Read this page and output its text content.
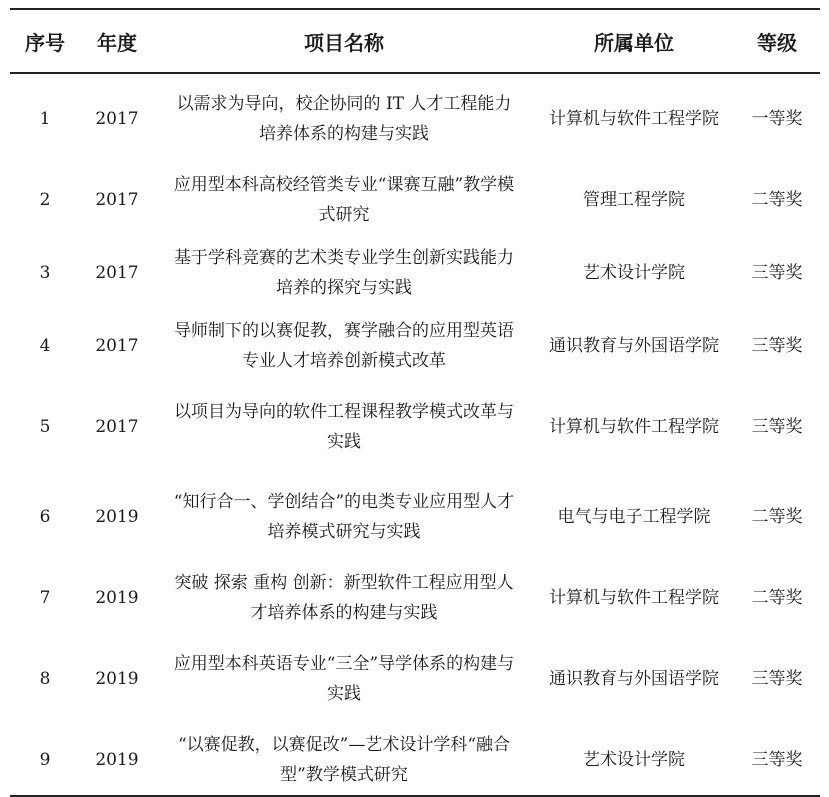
序号	年度	项目名称	所属单位	等级
1	2017	以需求为导向，校企协同的 IT 人才工程能力培养体系的构建与实践	计算机与软件工程学院	一等奖
2	2017	应用型本科高校经管类专业“课赛互融”教学模式研究	管理工程学院	二等奖
3	2017	基于学科竞赛的艺术类专业学生创新实践能力培养的探究与实践	艺术设计学院	三等奖
4	2017	导师制下的以赛促教，赛学融合的应用型英语专业人才培养创新模式改革	通识教育与外国语学院	三等奖
5	2017	以项目为导向的软件工程课程教学模式改革与实践	计算机与软件工程学院	三等奖
6	2019	“知行合一、学创结合”的电类专业应用型人才培养模式研究与实践	电气与电子工程学院	二等奖
7	2019	突破 探索 重构 创新：新型软件工程应用型人才培养体系的构建与实践	计算机与软件工程学院	二等奖
8	2019	应用型本科英语专业“三全”导学体系的构建与实践	通识教育与外国语学院	三等奖
9	2019	“以赛促教，以赛促改”—艺术设计学科“融合型”教学模式研究	艺术设计学院	三等奖
